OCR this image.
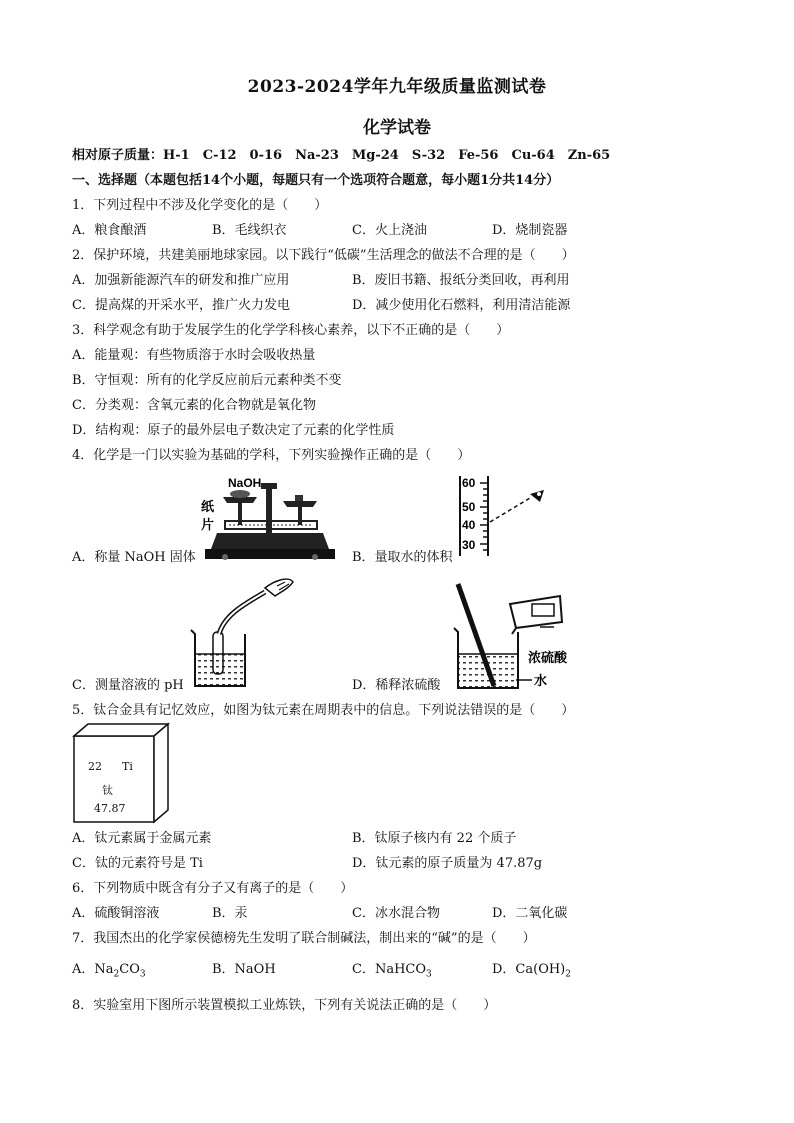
2023-2024学年九年级质量监测试卷
化学试卷
相对原子质量：H-1　C-12　0-16　Na-23　Mg-24　S-32　Fe-56　Cu-64　Zn-65
一、选择题（本题包括14个小题，每题只有一个选项符合题意，每小题1分共14分）
1．下列过程中不涉及化学变化的是（　　）
A．粮食酿酒	B．毛线织衣	C．火上浇油	D．烧制瓷器
2．保护环境，共建美丽地球家园。以下践行“低碳”生活理念的做法不合理的是（　　）
A．加强新能源汽车的研发和推广应用	B．废旧书籍、报纸分类回收，再利用
C．提高煤的开采水平，推广火力发电	D．减少使用化石燃料，利用清洁能源
3．科学观念有助于发展学生的化学学科核心素养，以下不正确的是（　　）
A．能量观：有些物质溶于水时会吸收热量
B．守恒观：所有的化学反应前后元素种类不变
C．分类观：含氧元素的化合物就是氧化物
D．结构观：原子的最外层电子数决定了元素的化学性质
4．化学是一门以实验为基础的学科，下列实验操作正确的是（　　）
NaOH
纸
片
A．称量 NaOH 固体
60
50
40
30
B．量取水的体积
C．测量溶液的 pH
浓硫酸
水
D．稀释浓硫酸
5．钛合金具有记忆效应，如图为钛元素在周期表中的信息。下列说法错误的是（　　）
22 Ti
钛
47.87
A．钛元素属于金属元素	B．钛原子核内有 22 个质子
C．钛的元素符号是 Ti	D．钛元素的原子质量为 47.87g
6．下列物质中既含有分子又有离子的是（　　）
A．硫酸铜溶液	B．汞	C．冰水混合物	D．二氧化碳
7．我国杰出的化学家侯德榜先生发明了联合制碱法，制出来的“碱”的是（　　）
A．$Na_2CO_3$	B．NaOH	C．NaHCO$_3$	D．$Ca(OH)_2$
8．实验室用下图所示装置模拟工业炼铁，下列有关说法正确的是（　　）
